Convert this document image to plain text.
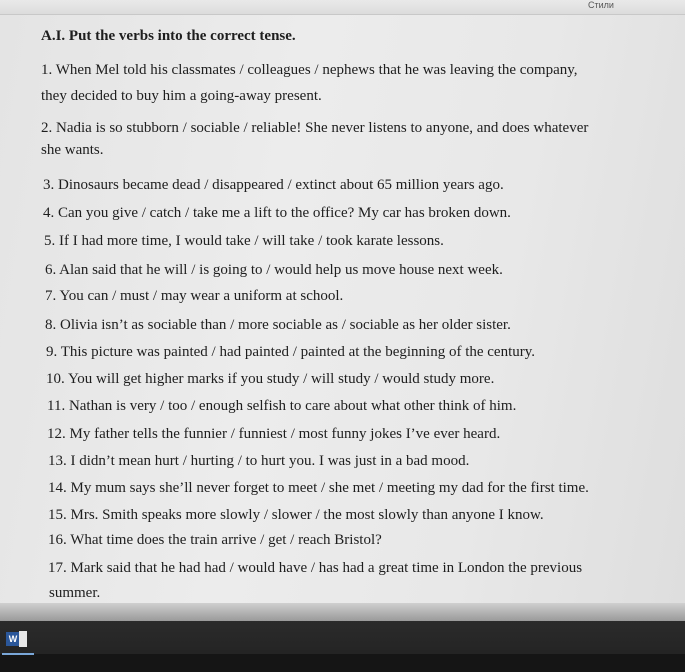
Стили
A.I. Put the verbs into the correct tense.
1. When Mel told his classmates / colleagues / nephews that he was leaving the company,
they decided to buy him a going-away present.
2. Nadia is so stubborn / sociable / reliable! She never listens to anyone, and does whatever
she wants.
3. Dinosaurs became dead / disappeared / extinct about 65 million years ago.
4. Can you give / catch / take me a lift to the office? My car has broken down.
5. If I had more time, I would take / will take / took karate lessons.
6. Alan said that he will / is going to / would help us move house next week.
7. You can / must / may wear a uniform at school.
8. Olivia isn’t as sociable than / more sociable as / sociable as her older sister.
9. This picture was painted / had painted / painted at the beginning of the century.
10. You will get higher marks if you study / will study / would study more.
11. Nathan is very / too / enough selfish to care about what other think of him.
12. My father tells the funnier / funniest / most funny jokes I’ve ever heard.
13. I didn’t mean hurt / hurting / to hurt you. I was just in a bad mood.
14. My mum says she’ll never forget to meet / she met / meeting my dad for the first time.
15. Mrs. Smith speaks more slowly / slower / the most slowly than anyone I know.
16. What time does the train arrive / get / reach Bristol?
17. Mark said that he had had / would have / has had a great time in London the previous
summer.
W
